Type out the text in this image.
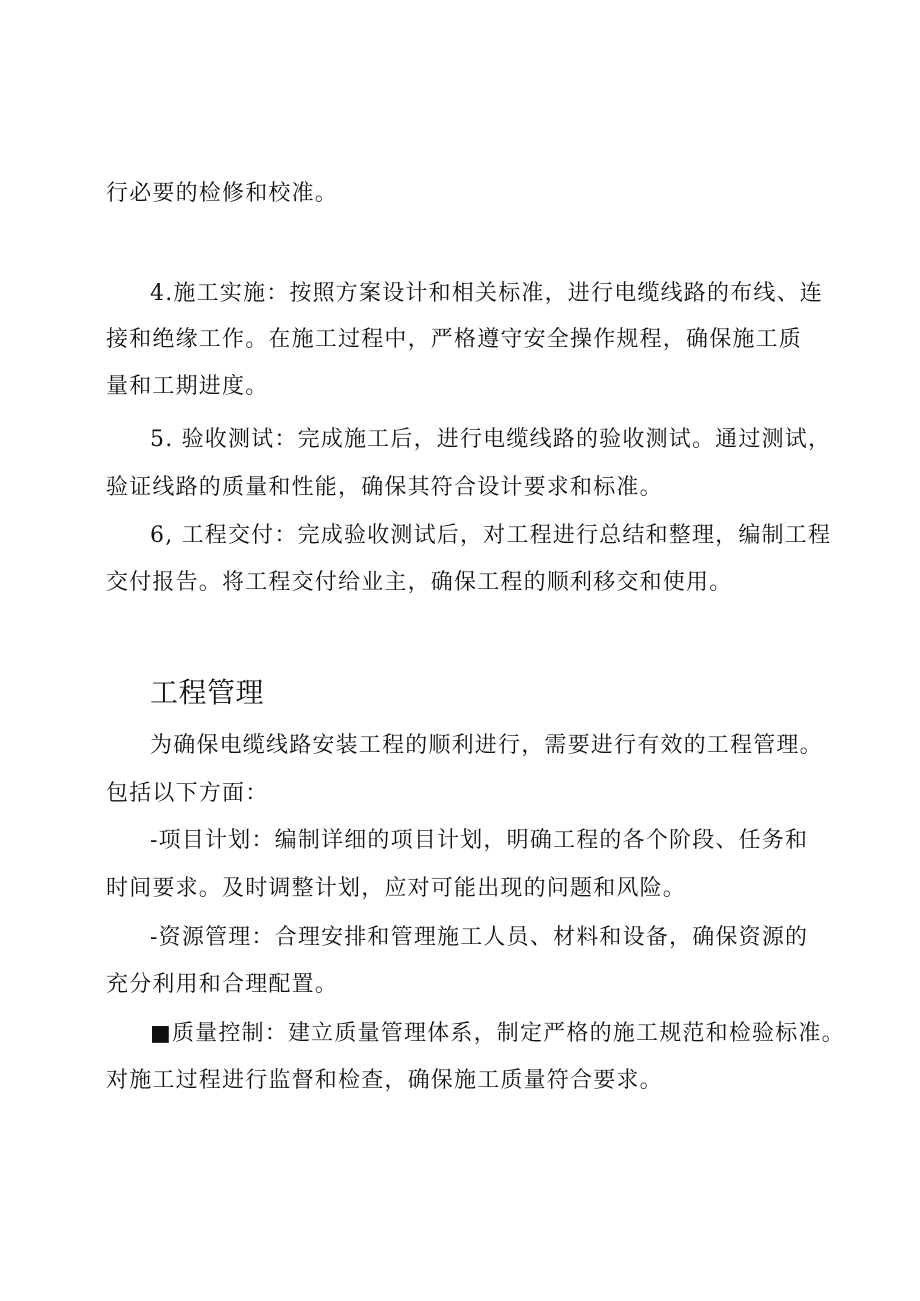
行必要的检修和校准。
4.施工实施：按照方案设计和相关标准，进行电缆线路的布线、连
接和绝缘工作。在施工过程中，严格遵守安全操作规程，确保施工质
量和工期进度。
5. 验收测试：完成施工后，进行电缆线路的验收测试。通过测试，
验证线路的质量和性能，确保其符合设计要求和标准。
6, 工程交付：完成验收测试后，对工程进行总结和整理，编制工程
交付报告。将工程交付给业主，确保工程的顺利移交和使用。
工程管理
为确保电缆线路安装工程的顺利进行，需要进行有效的工程管理。
包括以下方面：
-项目计划：编制详细的项目计划，明确工程的各个阶段、任务和
时间要求。及时调整计划，应对可能出现的问题和风险。
-资源管理：合理安排和管理施工人员、材料和设备，确保资源的
充分利用和合理配置。
■质量控制：建立质量管理体系，制定严格的施工规范和检验标准。
对施工过程进行监督和检查，确保施工质量符合要求。
